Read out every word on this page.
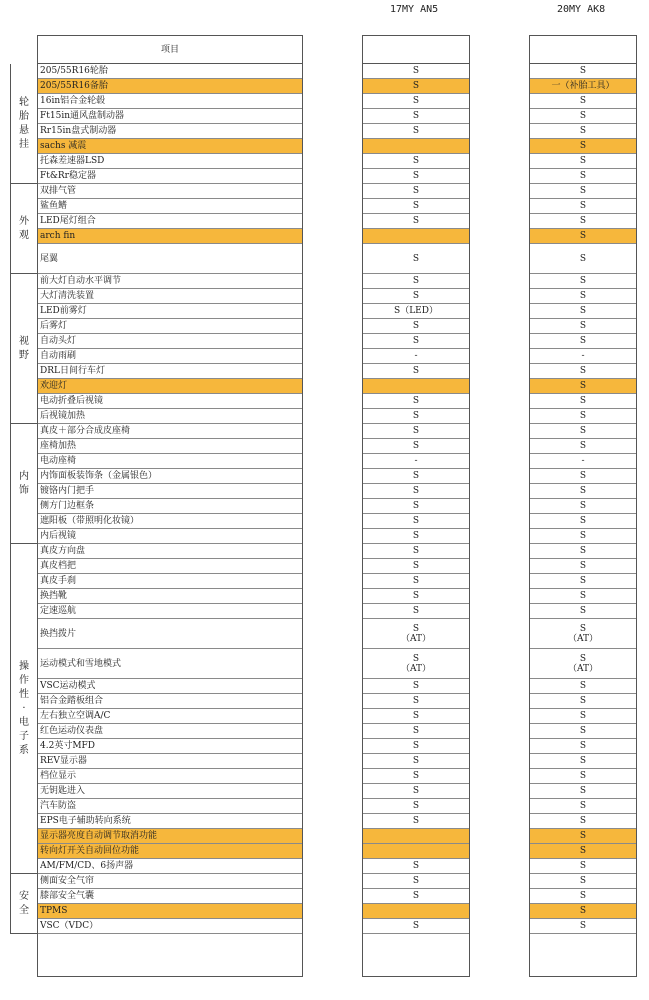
17MY AN5	20MY AK8
轮胎悬挂
外观
视野
内饰
操作性·电子系
安全
项目
205/55R16轮胎
205/55R16备胎
16in铝合金轮毂
Ft15in通风盘制动器
Rr15in盘式制动器
sachs 减震
托森差速器LSD
Ft&Rr稳定器
双排气管
鲨鱼鳍
LED尾灯组合
arch fin
尾翼
前大灯自动水平调节
大灯清洗装置
LED前雾灯
后雾灯
自动头灯
自动雨刷
DRL日间行车灯
欢迎灯
电动折叠后视镜
后视镜加热
真皮＋部分合成皮座椅
座椅加热
电动座椅
内饰面板装饰条（金属银色）
镀铬内门把手
侧方门边框条
遮阳板（带照明化妆镜）
内后视镜
真皮方向盘
真皮档把
真皮手刹
换挡靴
定速巡航
换挡拨片
运动模式和雪地模式
VSC运动模式
铝合金踏板组合
左右独立空调A/C
红色运动仪表盘
4.2英寸MFD
REV显示器
档位显示
无钥匙进入
汽车防盗
EPS电子辅助转向系统
显示器亮度自动调节取消功能
转向灯开关自动回位功能
AM/FM/CD、6扬声器
侧面安全气帘
膝部安全气囊
TPMS
VSC（VDC）
S
S
S
S
S
S
S
S
S
S
S
S
S
S（LED）
S
S
-
S
S
S
S
S
-
S
S
S
S
S
S
S
S
S
S
S
（AT）
S
（AT）
S
S
S
S
S
S
S
S
S
S
S
S
S
S
S
一（补胎工具）
S
S
S
S
S
S
S
S
S
S
S
S
S
S
S
S
-
S
S
S
S
S
S
-
S
S
S
S
S
S
S
S
S
S
S
（AT）
S
（AT）
S
S
S
S
S
S
S
S
S
S
S
S
S
S
S
S
S
